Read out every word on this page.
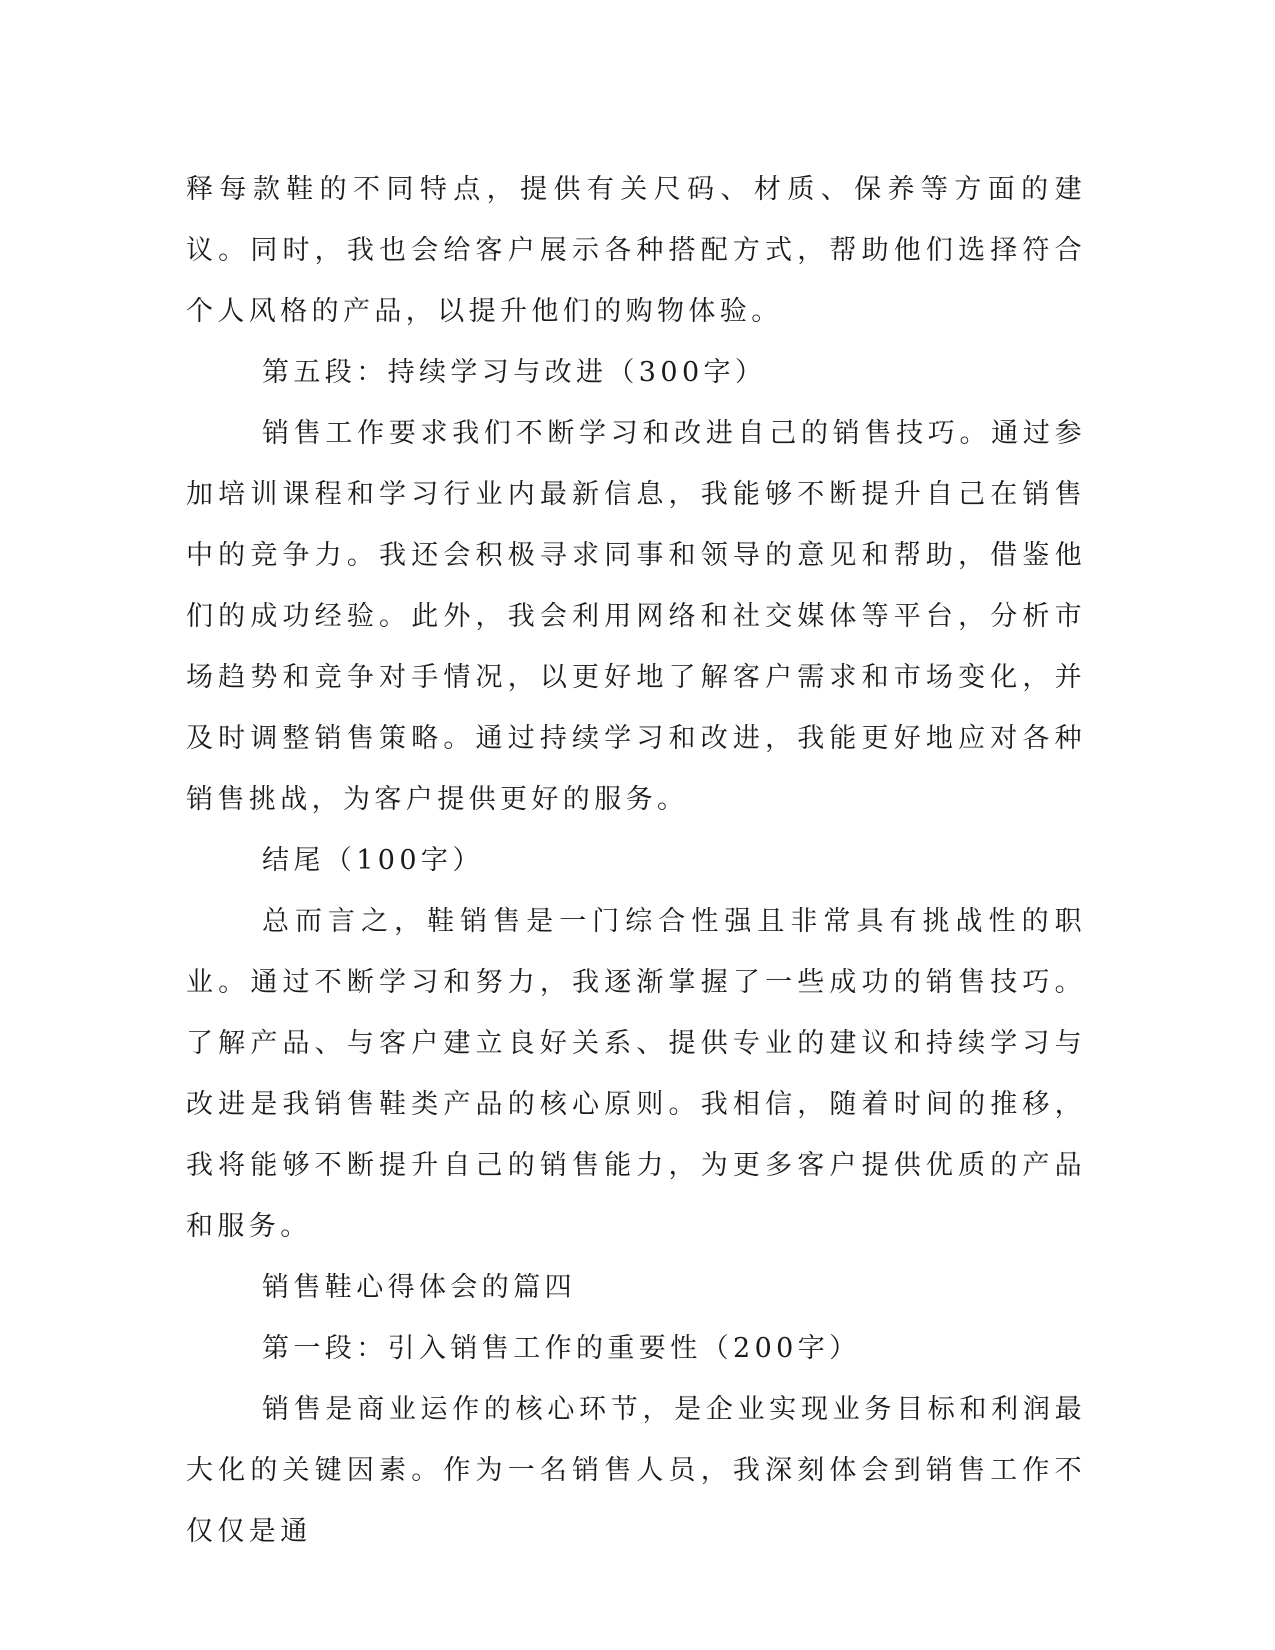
释每款鞋的不同特点，提供有关尺码、材质、保养等方面的建议。同时，我也会给客户展示各种搭配方式，帮助他们选择符合个人风格的产品，以提升他们的购物体验。

第五段：持续学习与改进（300字）

销售工作要求我们不断学习和改进自己的销售技巧。通过参加培训课程和学习行业内最新信息，我能够不断提升自己在销售中的竞争力。我还会积极寻求同事和领导的意见和帮助，借鉴他们的成功经验。此外，我会利用网络和社交媒体等平台，分析市场趋势和竞争对手情况，以更好地了解客户需求和市场变化，并及时调整销售策略。通过持续学习和改进，我能更好地应对各种销售挑战，为客户提供更好的服务。

结尾（100字）

总而言之，鞋销售是一门综合性强且非常具有挑战性的职业。通过不断学习和努力，我逐渐掌握了一些成功的销售技巧。了解产品、与客户建立良好关系、提供专业的建议和持续学习与改进是我销售鞋类产品的核心原则。我相信，随着时间的推移，我将能够不断提升自己的销售能力，为更多客户提供优质的产品和服务。

销售鞋心得体会的篇四

第一段：引入销售工作的重要性（200字）

销售是商业运作的核心环节，是企业实现业务目标和利润最大化的关键因素。作为一名销售人员，我深刻体会到销售工作不仅仅是通
